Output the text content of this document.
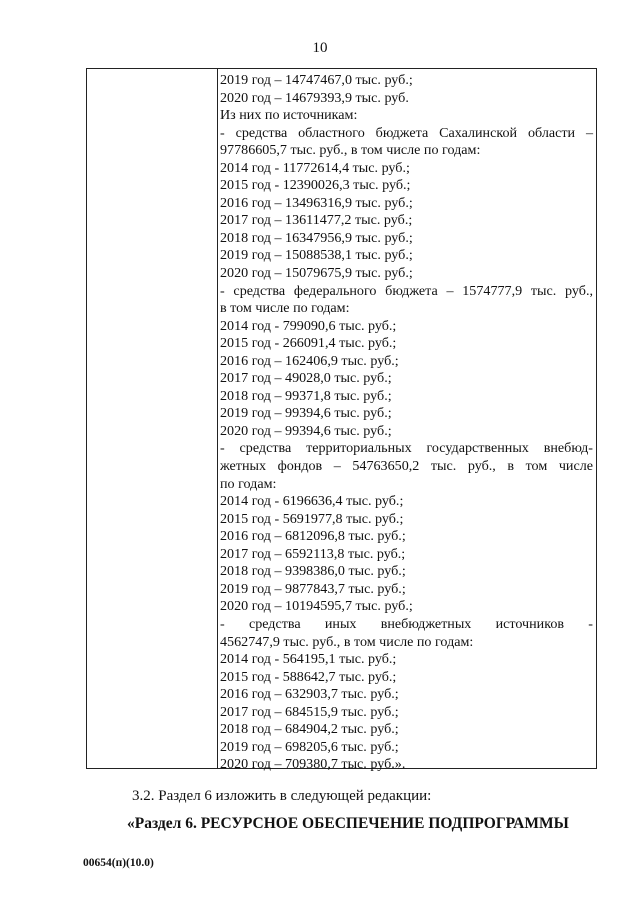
10
2019 год – 14747467,0 тыс. руб.;
2020 год – 14679393,9 тыс. руб.
Из них по источникам:
- средства областного бюджета Сахалинской области –
97786605,7 тыс. руб., в том числе по годам:
2014 год - 11772614,4 тыс. руб.;
2015 год - 12390026,3 тыс. руб.;
2016 год – 13496316,9 тыс. руб.;
2017 год – 13611477,2 тыс. руб.;
2018 год – 16347956,9 тыс. руб.;
2019 год – 15088538,1 тыс. руб.;
2020 год – 15079675,9 тыс. руб.;
- средства федерального бюджета – 1574777,9 тыс. руб.,
в том числе по годам:
2014 год - 799090,6 тыс. руб.;
2015 год - 266091,4 тыс. руб.;
2016 год – 162406,9 тыс. руб.;
2017 год – 49028,0 тыс. руб.;
2018 год – 99371,8 тыс. руб.;
2019 год – 99394,6 тыс. руб.;
2020 год – 99394,6 тыс. руб.;
- средства территориальных государственных внебюд-
жетных фондов – 54763650,2 тыс. руб., в том числе
по годам:
2014 год - 6196636,4 тыс. руб.;
2015 год - 5691977,8 тыс. руб.;
2016 год – 6812096,8 тыс. руб.;
2017 год – 6592113,8 тыс. руб.;
2018 год – 9398386,0 тыс. руб.;
2019 год – 9877843,7 тыс. руб.;
2020 год – 10194595,7 тыс. руб.;
- средства иных внебюджетных источников -
4562747,9 тыс. руб., в том числе по годам:
2014 год - 564195,1 тыс. руб.;
2015 год - 588642,7 тыс. руб.;
2016 год – 632903,7 тыс. руб.;
2017 год – 684515,9 тыс. руб.;
2018 год – 684904,2 тыс. руб.;
2019 год – 698205,6 тыс. руб.;
2020 год – 709380,7 тыс. руб.».
3.2. Раздел 6 изложить в следующей редакции:
«Раздел 6. РЕСУРСНОЕ ОБЕСПЕЧЕНИЕ ПОДПРОГРАММЫ
00654(п)(10.0)
